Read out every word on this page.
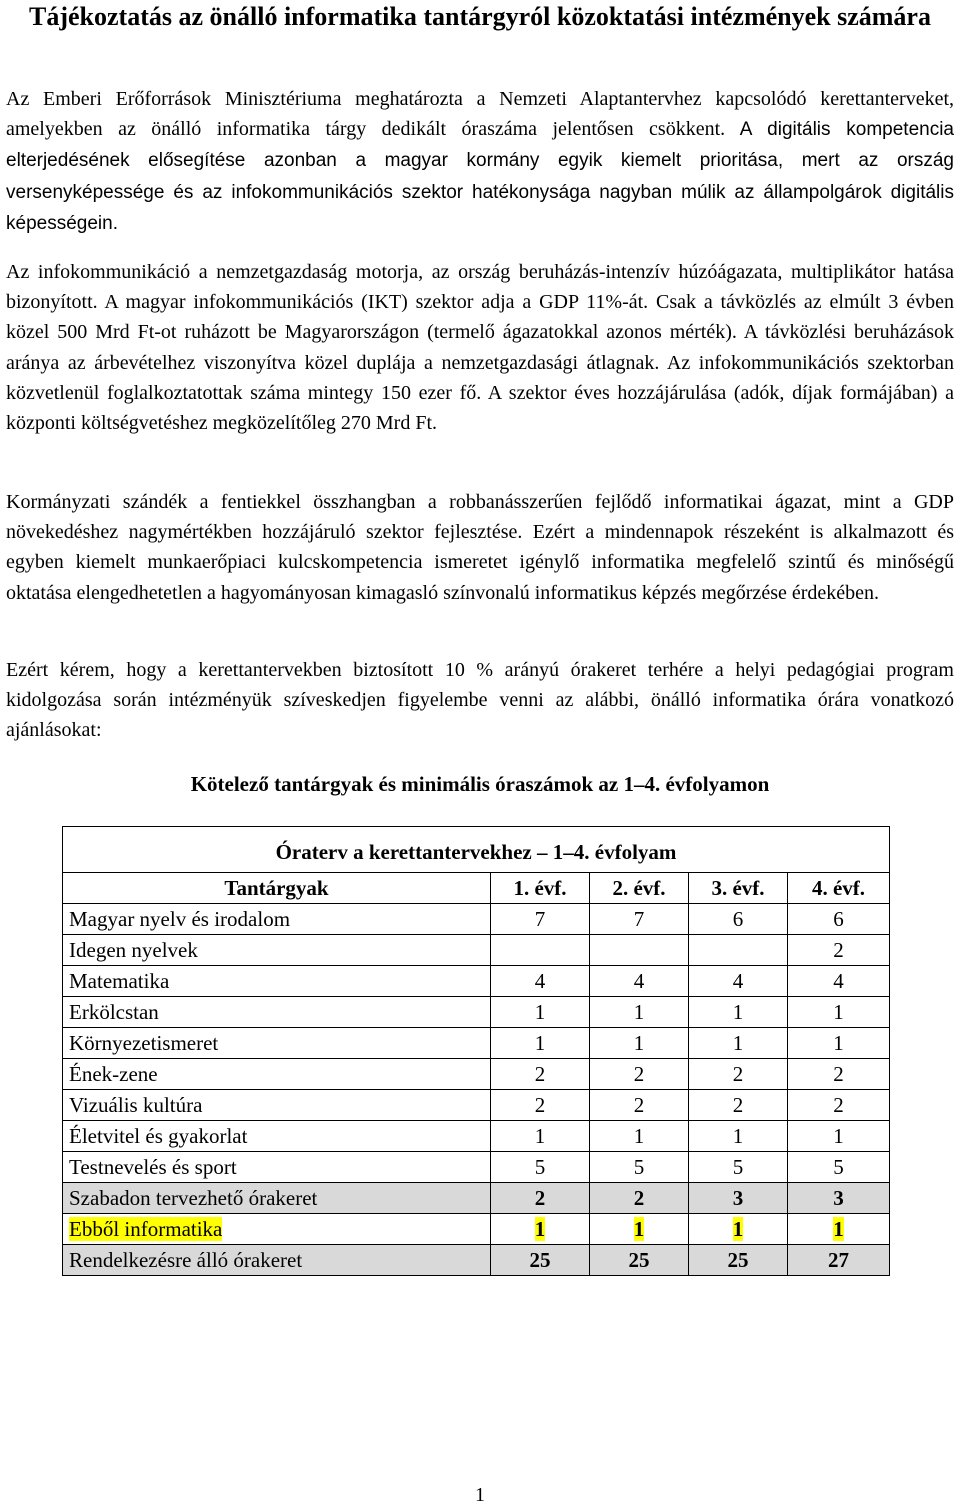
Tájékoztatás az önálló informatika tantárgyról közoktatási intézmények számára

Az Emberi Erőforrások Minisztériuma meghatározta a Nemzeti Alaptantervhez kapcsolódó kerettanterveket, amelyekben az önálló informatika tárgy dedikált óraszáma jelentősen csökkent. A digitális kompetencia elterjedésének elősegítése azonban a magyar kormány egyik kiemelt prioritása, mert az ország versenyképessége és az infokommunikációs szektor hatékonysága nagyban múlik az állampolgárok digitális képességein.

Az infokommunikáció a nemzetgazdaság motorja, az ország beruházás-intenzív húzóágazata, multiplikátor hatása bizonyított. A magyar infokommunikációs (IKT) szektor adja a GDP 11%-át. Csak a távközlés az elmúlt 3 évben közel 500 Mrd Ft-ot ruházott be Magyarországon (termelő ágazatokkal azonos mérték). A távközlési beruházások aránya az árbevételhez viszonyítva közel duplája a nemzetgazdasági átlagnak. Az infokommunikációs szektorban közvetlenül foglalkoztatottak száma mintegy 150 ezer fő. A szektor éves hozzájárulása (adók, díjak formájában) a központi költségvetéshez megközelítőleg 270 Mrd Ft.

Kormányzati szándék a fentiekkel összhangban a robbanásszerűen fejlődő informatikai ágazat, mint a GDP növekedéshez nagymértékben hozzájáruló szektor fejlesztése. Ezért a mindennapok részeként is alkalmazott és egyben kiemelt munkaerőpiaci kulcskompetencia ismeretet igénylő informatika megfelelő szintű és minőségű oktatása elengedhetetlen a hagyományosan kimagasló színvonalú informatikus képzés megőrzése érdekében.

Ezért kérem, hogy a kerettantervekben biztosított 10 % arányú órakeret terhére a helyi pedagógiai program kidolgozása során intézményük szíveskedjen figyelembe venni az alábbi, önálló informatika órára vonatkozó ajánlásokat:

Kötelező tantárgyak és minimális óraszámok az 1–4. évfolyamon
Óraterv a kerettantervekhez – 1–4. évfolyam				
Tantárgyak	1. évf.	2. évf.	3. évf.	4. évf.
Magyar nyelv és irodalom	7	7	6	6
Idegen nyelvek				2
Matematika	4	4	4	4
Erkölcstan	1	1	1	1
Környezetismeret	1	1	1	1
Ének-zene	2	2	2	2
Vizuális kultúra	2	2	2	2
Életvitel és gyakorlat	1	1	1	1
Testnevelés és sport	5	5	5	5
Szabadon tervezhető órakeret	2	2	3	3
Ebből informatika	1	1	1	1
Rendelkezésre álló órakeret	25	25	25	27
1
